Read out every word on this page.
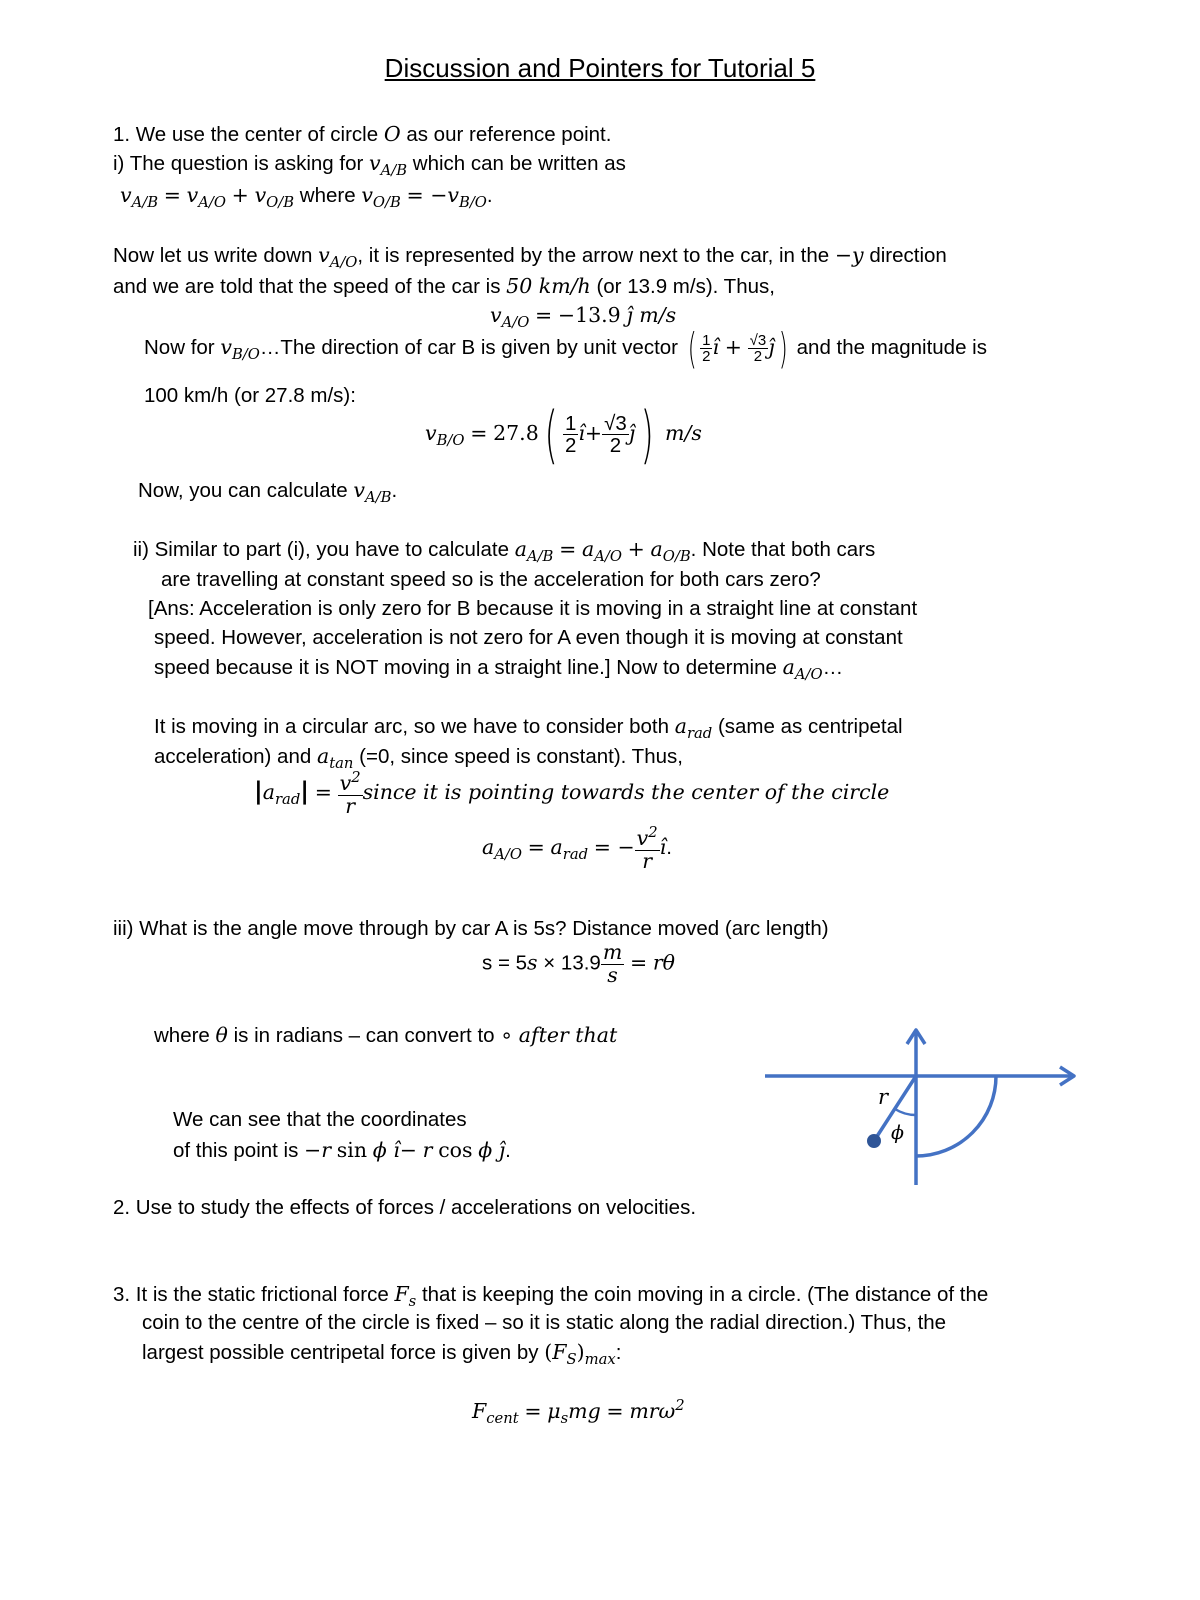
Discussion and Pointers for Tutorial 5
1. We use the center of circle O as our reference point.
i) The question is asking for $v_{A/B}$ which can be written as
$v_{A/B} = v_{A/O} + v_{O/B}$ where $v_{O/B} = -v_{B/O}$.
Now let us write down $v_{A/O}$, it is represented by the arrow next to the car, in the −y direction
and we are told that the speed of the car is 50 km/h (or 13.9 m/s). Thus,
$v_{A/O} = -13.9$ ĵ m/s
Now for $v_{B/O}\dots The$ direction of car B is given by unit vector ( $\frac{1}{2}$ î + $\frac{√3}{2}$ ĵ) and the magnitude is
100 km/h (or 27.8 m/s):
$v_{B/O} = 27.8( \frac{1}{2}$ î+ $\frac{√3}{2}$ ĵ) m/s
Now, you can calculate $v_{A/B}$.
ii) Similar to part (i), you have to calculate $a_{A/B} = a_{A/O} + a_{O/B}$. Note that both cars
are travelling at constant speed so is the acceleration for both cars zero?
[Ans: Acceleration is only zero for B because it is moving in a straight line at constant
speed. However, acceleration is not zero for A even though it is moving at constant
speed because it is NOT moving in a straight line.] Now to determine $a_{A/O}\dots$
It is moving in a circular arc, so we have to consider both $a_{rad}$ (same as centripetal
acceleration) and $a_{tan}$ (=0, since speed is constant). Thus,
$|a_{rad}| = \frac{v^2}{r}$ since it is pointing towards the center of the circle
$a_{A/O} = a_{rad}$ = − $\frac{v^2}{r}$ î.
iii) What is the angle move through by car A is 5s? Distance moved (arc length)
$s = 5s \times 13.9 \frac{m}{s} = r\theta$
where θ is in radians – can convert to ∘ after that
We can see that the coordinates
of this point is −r sin ϕ î− r cos ϕ ĵ.
r
ϕ
2. Use to study the effects of forces / accelerations on velocities.
3. It is the static frictional force $F_s$ that is keeping the coin moving in a circle. (The distance of the
coin to the centre of the circle is fixed – so it is static along the radial direction.) Thus, the
largest possible centripetal force is given by $(F_S)_{max}$:
$F_{cent} = \mu_smg = mr\omega^2$
